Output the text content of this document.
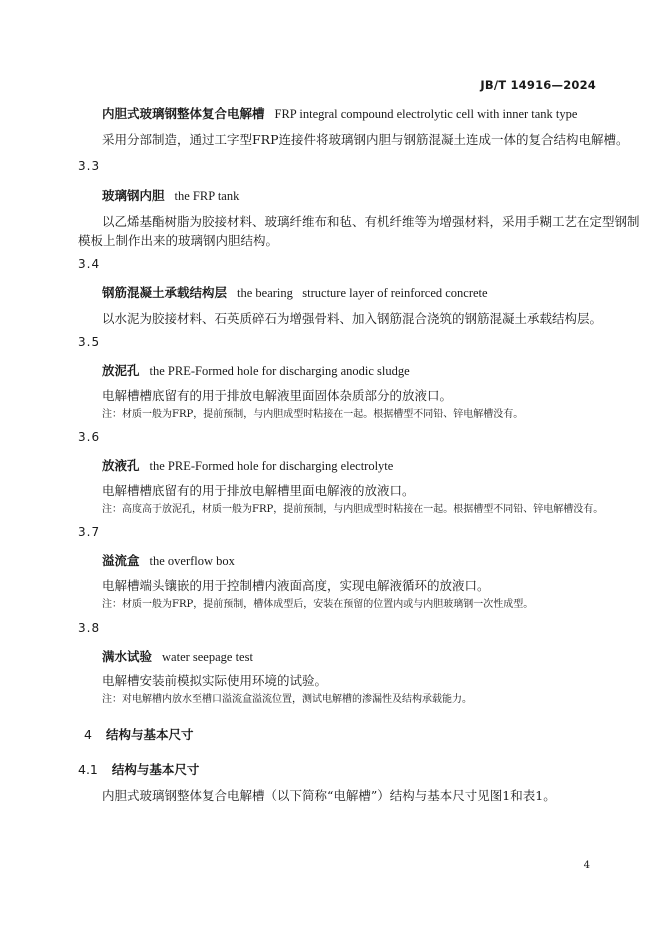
JB/T 14916—2024
内胆式玻璃钢整体复合电解槽 FRP integral compound electrolytic cell with inner tank type
采用分部制造，通过工字型FRP连接件将玻璃钢内胆与钢筋混凝土连成一体的复合结构电解槽。
3.3
玻璃钢内胆 the FRP tank
以乙烯基酯树脂为胶接材料、玻璃纤维布和毡、有机纤维等为增强材料，采用手糊工艺在定型钢制
模板上制作出来的玻璃钢内胆结构。
3.4
钢筋混凝土承载结构层 the bearing   structure layer of reinforced concrete
以水泥为胶接材料、石英质碎石为增强骨料、加入钢筋混合浇筑的钢筋混凝土承载结构层。
3.5
放泥孔 the PRE-Formed hole for discharging anodic sludge
电解槽槽底留有的用于排放电解液里面固体杂质部分的放液口。
注：材质一般为FRP，提前预制，与内胆成型时粘接在一起。根据槽型不同铅、锌电解槽没有。
3.6
放液孔 the PRE-Formed hole for discharging electrolyte
电解槽槽底留有的用于排放电解槽里面电解液的放液口。
注：高度高于放泥孔，材质一般为FRP，提前预制，与内胆成型时粘接在一起。根据槽型不同铅、锌电解槽没有。
3.7
溢流盒 the overflow box
电解槽端头镶嵌的用于控制槽内液面高度，实现电解液循环的放液口。
注：材质一般为FRP，提前预制，槽体成型后，安装在预留的位置内或与内胆玻璃钢一次性成型。
3.8
满水试验 water seepage test
电解槽安装前模拟实际使用环境的试验。
注：对电解槽内放水至槽口溢流盒溢流位置，测试电解槽的渗漏性及结构承载能力。
4 结构与基本尺寸
4.1 结构与基本尺寸
内胆式玻璃钢整体复合电解槽（以下简称“电解槽”）结构与基本尺寸见图1和表1。
4
